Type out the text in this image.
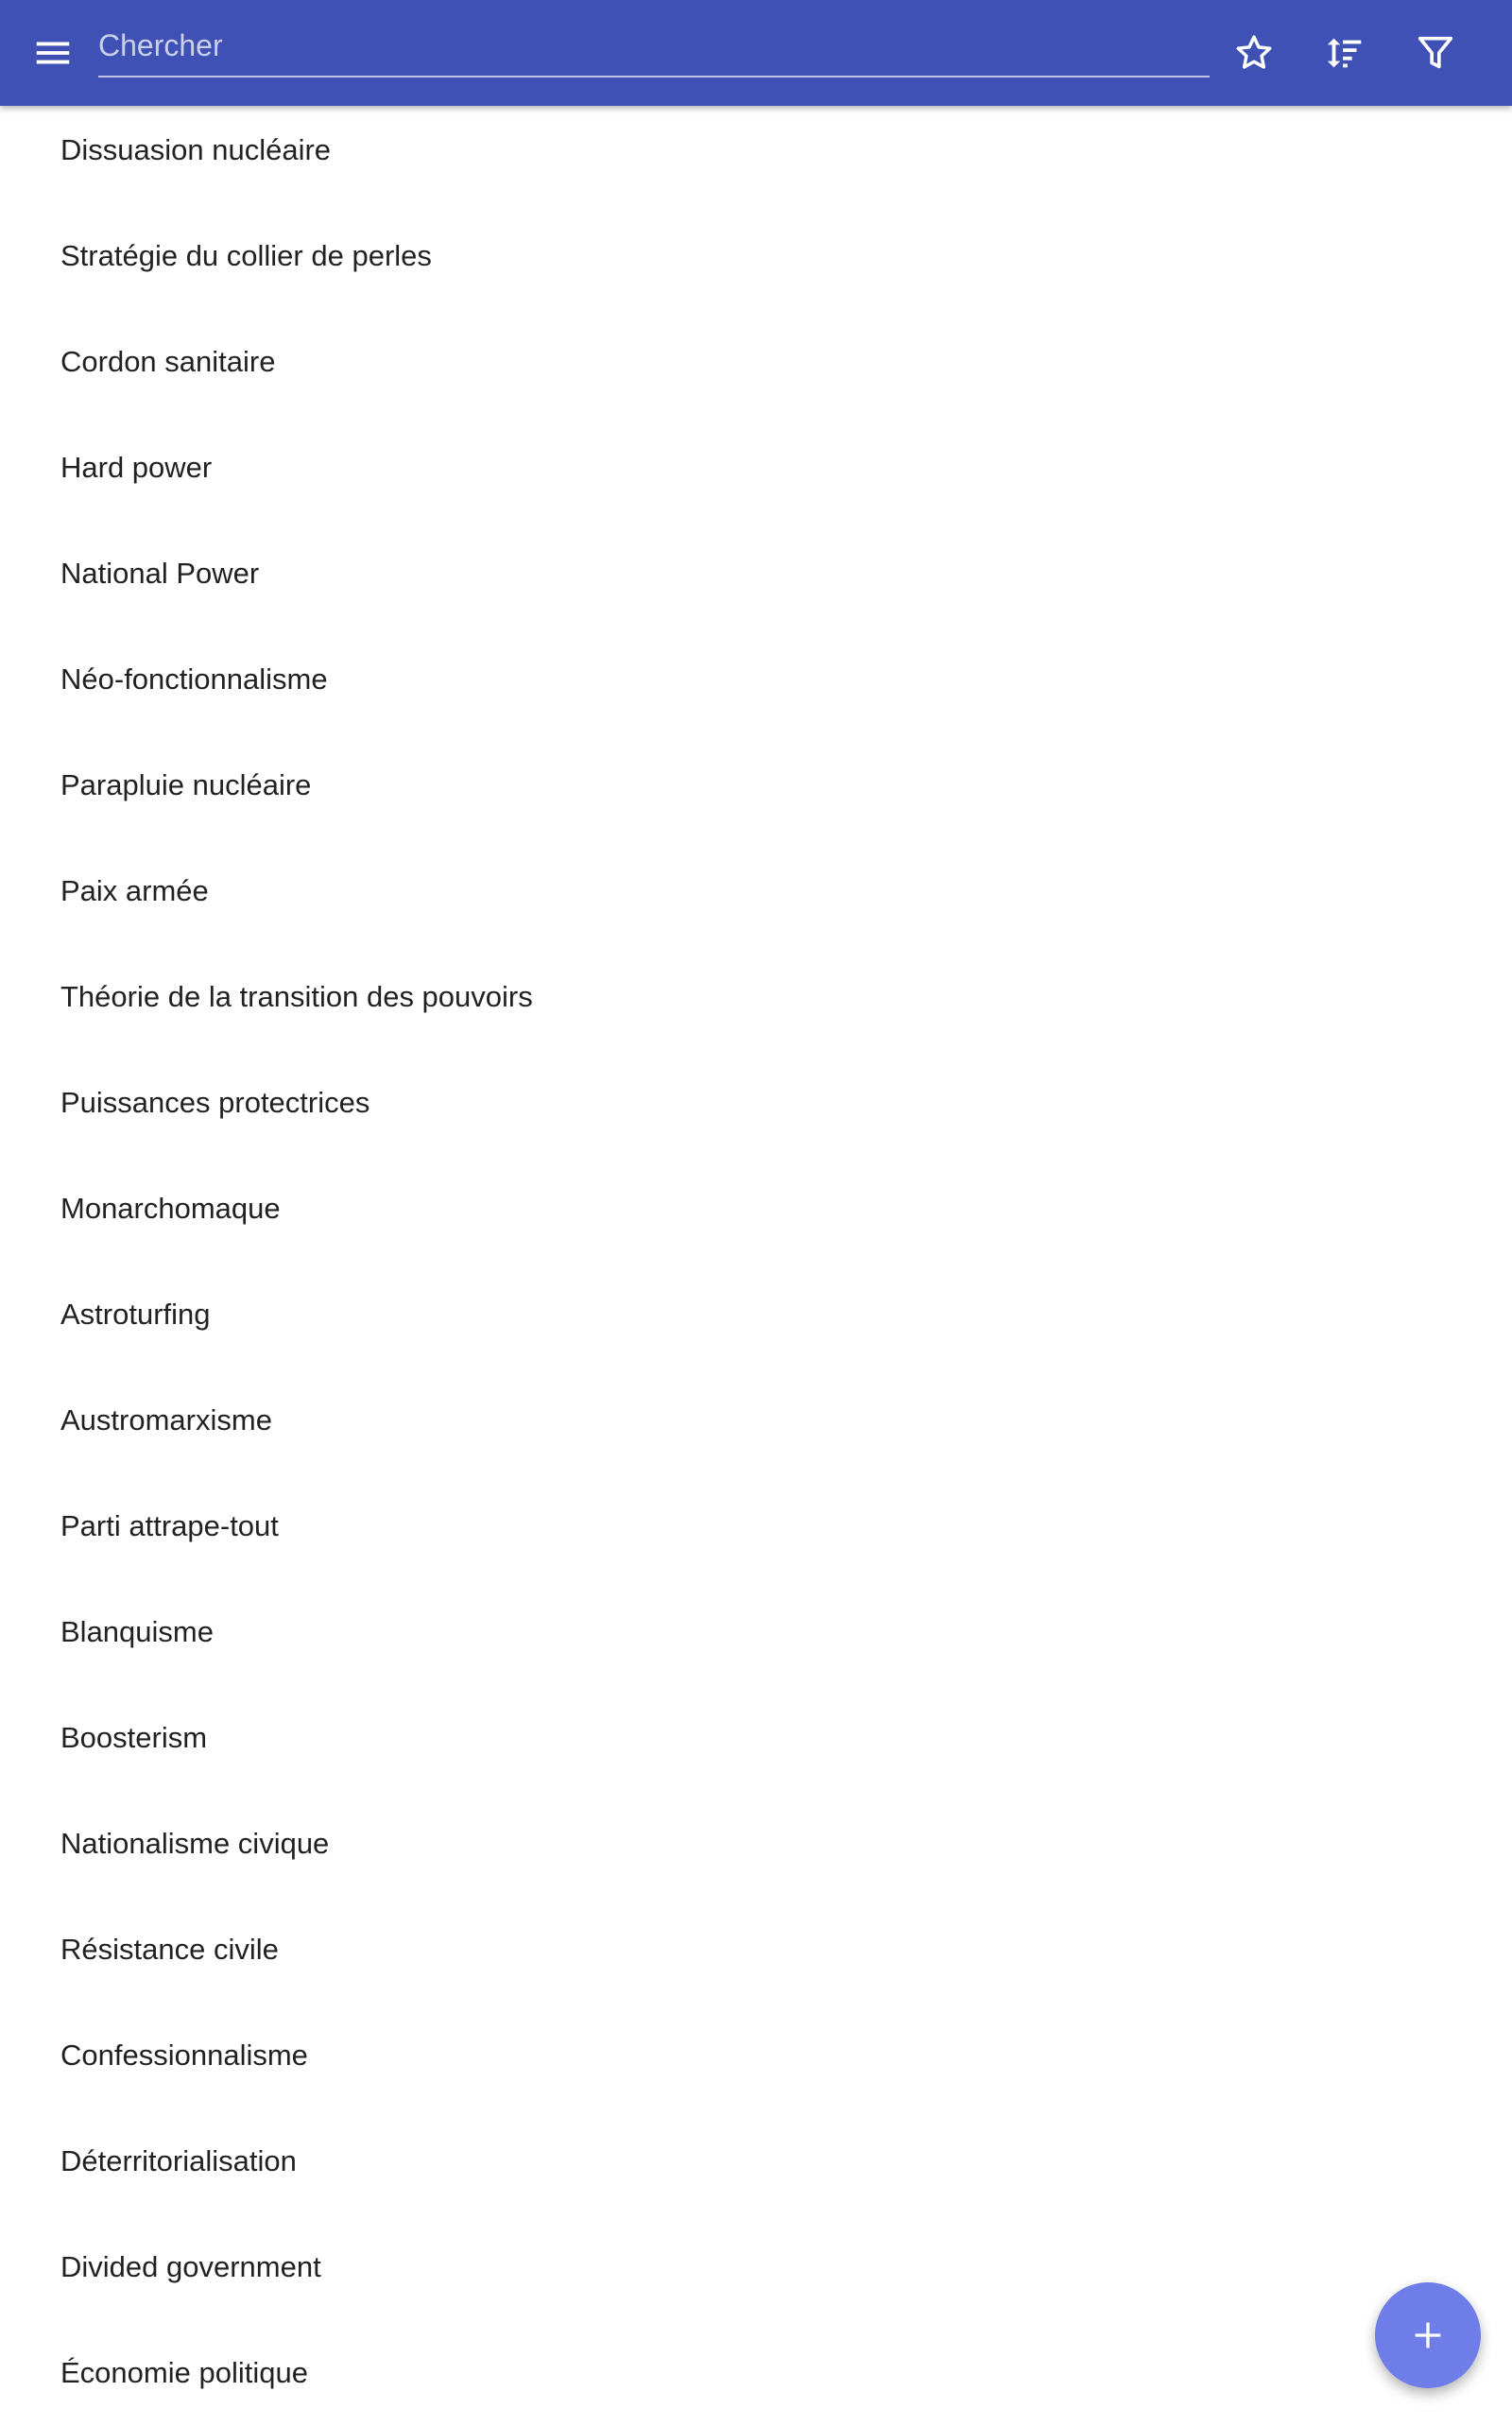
Chercher
Dissuasion nucléaire
Stratégie du collier de perles
Cordon sanitaire
Hard power
National Power
Néo-fonctionnalisme
Parapluie nucléaire
Paix armée
Théorie de la transition des pouvoirs
Puissances protectrices
Monarchomaque
Astroturfing
Austromarxisme
Parti attrape-tout
Blanquisme
Boosterism
Nationalisme civique
Résistance civile
Confessionnalisme
Déterritorialisation
Divided government
Économie politique
